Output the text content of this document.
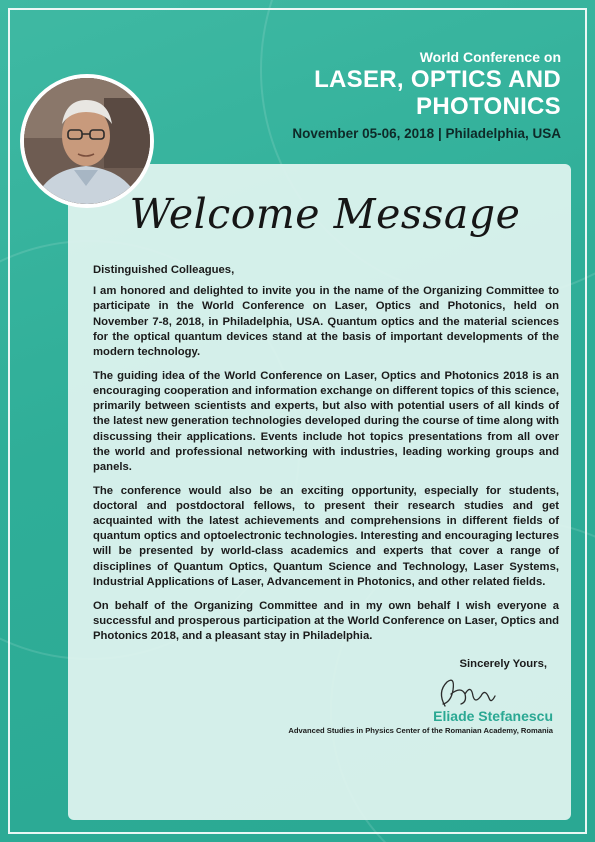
World Conference on
LASER, OPTICS AND
PHOTONICS
November 05-06, 2018 | Philadelphia, USA
Welcome Message

Distinguished Colleagues,

I am honored and delighted to invite you in the name of the Organizing Committee to participate in the World Conference on Laser, Optics and Photonics, held on November 7-8, 2018, in Philadelphia, USA. Quantum optics and the material sciences for the optical quantum devices stand at the basis of important developments of the modern technology.

The guiding idea of the World Conference on Laser, Optics and Photonics 2018 is an encouraging cooperation and information exchange on different topics of this science, primarily between scientists and experts, but also with potential users of all kinds of the latest new generation technologies developed during the course of time along with discussing their applications. Events include hot topics presentations from all over the world and professional networking with industries, leading working groups and panels.

The conference would also be an exciting opportunity, especially for students, doctoral and postdoctoral fellows, to present their research studies and get acquainted with the latest achievements and comprehensions in different fields of quantum optics and optoelectronic technologies. Interesting and encouraging lectures will be presented by world-class academics and experts that cover a range of disciplines of Quantum Optics, Quantum Science and Technology, Laser Systems, Industrial Applications of Laser, Advancement in Photonics, and other related fields.

On behalf of the Organizing Committee and in my own behalf I wish everyone a successful and prosperous participation at the World Conference on Laser, Optics and Photonics 2018, and a pleasant stay in Philadelphia.

Sincerely Yours,
Eliade Stefanescu
Advanced Studies in Physics Center of the Romanian Academy, Romania
